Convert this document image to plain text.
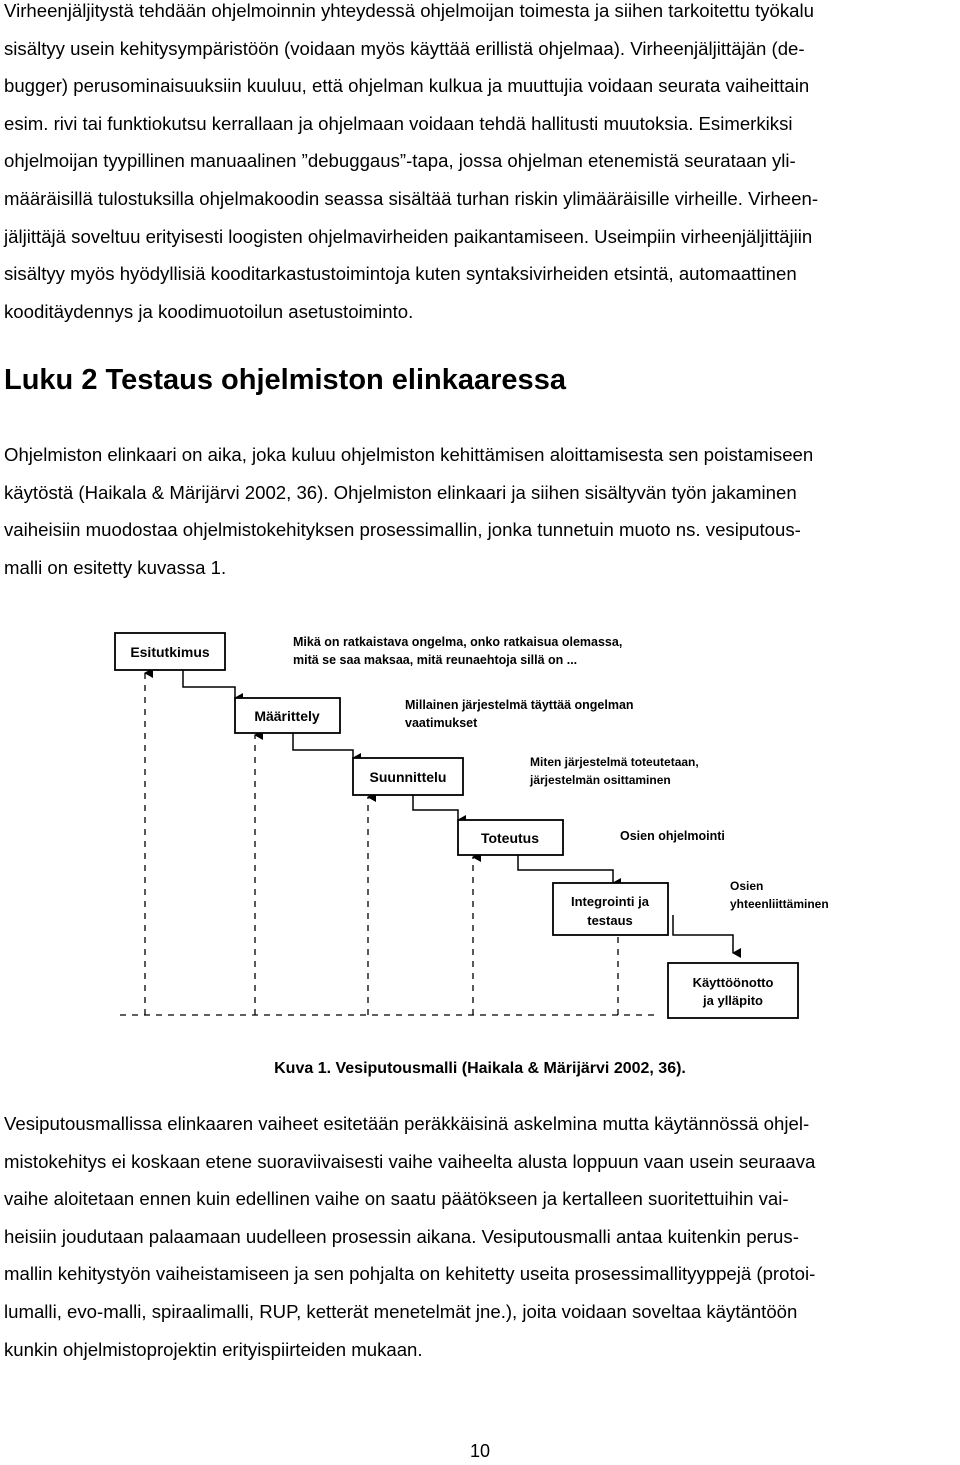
Virheenjäljitystä tehdään ohjelmoinnin yhteydessä ohjelmoijan toimesta ja siihen tarkoitettu työkalu
sisältyy usein kehitysympäristöön (voidaan myös käyttää erillistä ohjelmaa). Virheenjäljittäjän (de-
bugger) perusominaisuuksiin kuuluu, että ohjelman kulkua ja muuttujia voidaan seurata vaiheittain
esim. rivi tai funktiokutsu kerrallaan ja ohjelmaan voidaan tehdä hallitusti muutoksia. Esimerkiksi
ohjelmoijan tyypillinen manuaalinen ”debuggaus”-tapa, jossa ohjelman etenemistä seurataan yli-
määräisillä tulostuksilla ohjelmakoodin seassa sisältää turhan riskin ylimääräisille virheille. Virheen-
jäljittäjä soveltuu erityisesti loogisten ohjelmavirheiden paikantamiseen. Useimpiin virheenjäljittäjiin
sisältyy myös hyödyllisiä kooditarkastustoimintoja kuten syntaksivirheiden etsintä, automaattinen
kooditäydennys ja koodimuotoilun asetustoiminto.
Luku 2 Testaus ohjelmiston elinkaaressa
Ohjelmiston elinkaari on aika, joka kuluu ohjelmiston kehittämisen aloittamisesta sen poistamiseen
käytöstä (Haikala & Märijärvi 2002, 36). Ohjelmiston elinkaari ja siihen sisältyvän työn jakaminen
vaiheisiin muodostaa ohjelmistokehityksen prosessimallin, jonka tunnetuin muoto ns. vesiputous-
malli on esitetty kuvassa 1.
Esitutkimus
Määrittely
Suunnittelu
Toteutus
Integrointi ja
testaus
Käyttöönotto
ja ylläpito
Mikä on ratkaistava ongelma, onko ratkaisua olemassa,
mitä se saa maksaa, mitä reunaehtoja sillä on ...
Millainen järjestelmä täyttää ongelman
vaatimukset
Miten järjestelmä toteutetaan,
järjestelmän osittaminen
Osien ohjelmointi
Osien
yhteenliittäminen

Kuva 1. Vesiputousmalli (Haikala & Märijärvi 2002, 36).

Vesiputousmallissa elinkaaren vaiheet esitetään peräkkäisinä askelmina mutta käytännössä ohjel-
mistokehitys ei koskaan etene suoraviivaisesti vaihe vaiheelta alusta loppuun vaan usein seuraava
vaihe aloitetaan ennen kuin edellinen vaihe on saatu päätökseen ja kertalleen suoritettuihin vai-
heisiin joudutaan palaamaan uudelleen prosessin aikana. Vesiputousmalli antaa kuitenkin perus-
mallin kehitystyön vaiheistamiseen ja sen pohjalta on kehitetty useita prosessimallityyppejä (protoi-
lumalli, evo-malli, spiraalimalli, RUP, ketterät menetelmät jne.), joita voidaan soveltaa käytäntöön
kunkin ohjelmistoprojektin erityispiirteiden mukaan.

10
